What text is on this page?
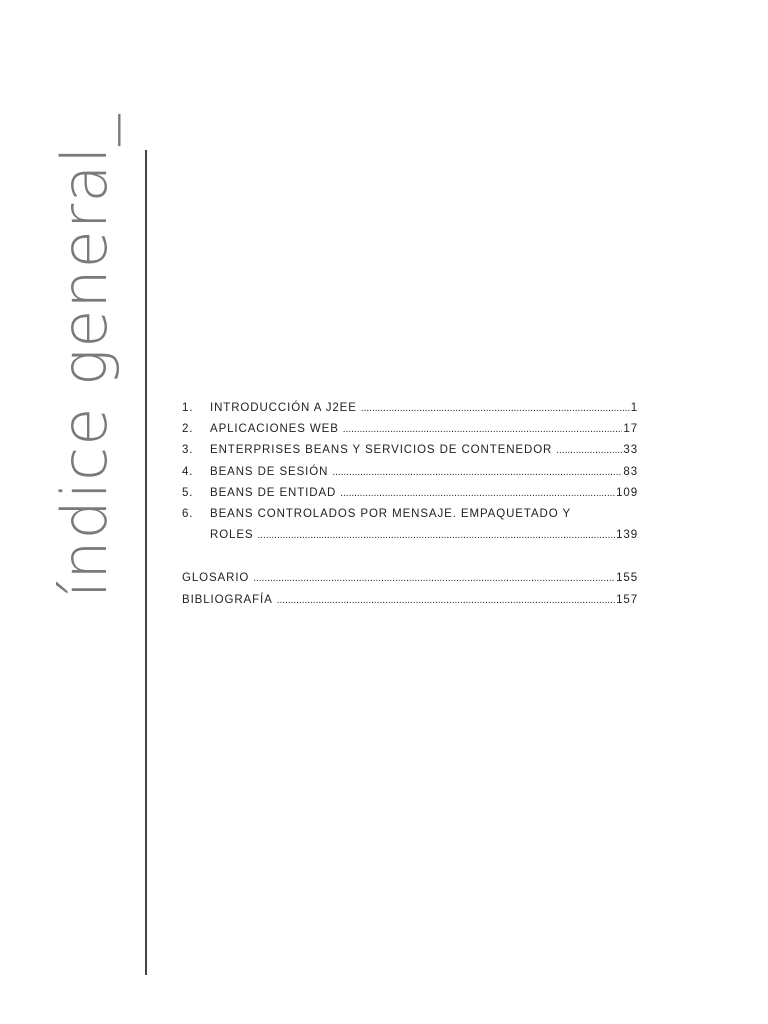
índice general_	1.	INTRODUCCIÓN A J2EE .....	1
2.	APLICACIONES WEB .....	17
3.	ENTERPRISES BEANS Y SERVICIOS DE CONTENEDOR .....	33
4.	BEANS DE SESIÓN .....	83
5.	BEANS DE ENTIDAD .....	109
6.	BEANS CONTROLADOS POR MENSAJE. EMPAQUETADO Y
ROLES .....	139
GLOSARIO .....	155
BIBLIOGRAFÍA .....	157
